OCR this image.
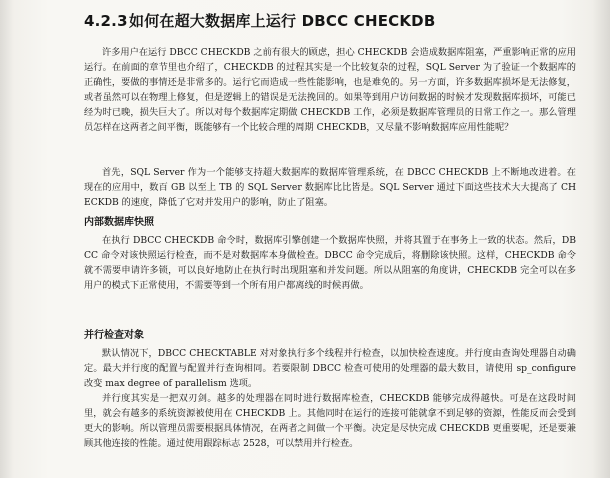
4.2.3 如何在超大数据库上运行 DBCC CHECKDB

许多用户在运行 DBCC CHECKDB 之前有很大的顾虑，担心 CHECKDB 会造成数据库阻塞，严重影响正常的应用运行。在前面的章节里也介绍了，CHECKDB 的过程其实是一个比较复杂的过程，SQL Server 为了验证一个数据库的正确性，要做的事情还是非常多的。运行它而造成一些性能影响，也是难免的。另一方面，许多数据库损坏是无法修复，或者虽然可以在物理上修复，但是逻辑上的错误是无法挽回的。如果等到用户访问数据的时候才发现数据库损坏，可能已经为时已晚，损失巨大了。所以对每个数据库定期做 CHECKDB 工作，必须是数据库管理员的日常工作之一。那么管理员怎样在这两者之间平衡，既能够有一个比较合理的周期 CHECKDB，又尽量不影响数据库应用性能呢？

首先，SQL Server 作为一个能够支持超大数据库的数据库管理系统，在 DBCC CHECKDB 上不断地改进着。在现在的应用中，数百 GB 以至上 TB 的 SQL Server 数据库比比皆是。SQL Server 通过下面这些技术大大提高了 CHECKDB 的速度，降低了它对并发用户的影响，防止了阻塞。

内部数据库快照

在执行 DBCC CHECKDB 命令时，数据库引擎创建一个数据库快照，并将其置于在事务上一致的状态。然后，DBCC 命令对该快照运行检查，而不是对数据库本身做检查。DBCC 命令完成后，将删除该快照。这样，CHECKDB 命令就不需要申请许多锁，可以良好地防止在执行时出现阻塞和并发问题。所以从阻塞的角度讲，CHECKDB 完全可以在多用户的模式下正常使用，不需要等到一个所有用户都离线的时候再做。

并行检查对象

默认情况下，DBCC CHECKTABLE 对对象执行多个线程并行检查，以加快检查速度。并行度由查询处理器自动确定。最大并行度的配置与配置并行查询相同。若要限制 DBCC 检查可使用的处理器的最大数目，请使用 sp_configure 改变 max degree of parallelism 选项。

并行度其实是一把双刃剑。越多的处理器在同时进行数据库检查，CHECKDB 能够完成得越快。可是在这段时间里，就会有越多的系统资源被使用在 CHECKDB 上。其他同时在运行的连接可能就拿不到足够的资源，性能反而会受到更大的影响。所以管理员需要根据具体情况，在两者之间做一个平衡。决定是尽快完成 CHECKDB 更重要呢，还是要兼顾其他连接的性能。通过使用跟踪标志 2528，可以禁用并行检查。
